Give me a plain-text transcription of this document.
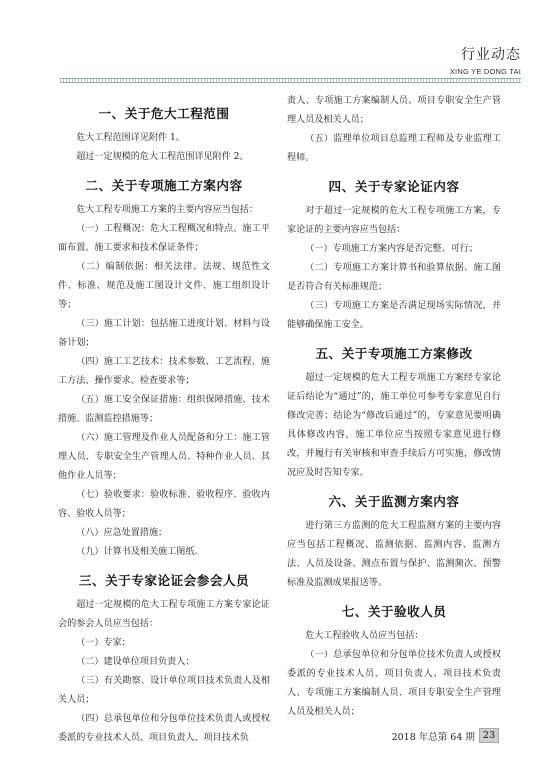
行业动态
XING YE DONG TAI
一、关于危大工程范围

危大工程范围详见附件 1。

超过一定规模的危大工程范围详见附件 2。

二、关于专项施工方案内容

危大工程专项施工方案的主要内容应当包括：

（一）工程概况：危大工程概况和特点、施工平面布置、施工要求和技术保证条件；

（二）编制依据：相关法律、法规、规范性文件、标准、规范及施工图设计文件、施工组织设计等；

（三）施工计划：包括施工进度计划、材料与设备计划；

（四）施工工艺技术：技术参数、工艺流程、施工方法、操作要求、检查要求等；

（五）施工安全保证措施：组织保障措施、技术措施、监测监控措施等；

（六）施工管理及作业人员配备和分工：施工管理人员、专职安全生产管理人员、特种作业人员、其他作业人员等；

（七）验收要求：验收标准、验收程序、验收内容、验收人员等；

（八）应急处置措施；

（九）计算书及相关施工图纸。

三、关于专家论证会参会人员

超过一定规模的危大工程专项施工方案专家论证会的参会人员应当包括：

（一）专家；

（二）建设单位项目负责人；

（三）有关勘察、设计单位项目技术负责人及相关人员；

（四）总承包单位和分包单位技术负责人或授权委派的专业技术人员、项目负责人、项目技术负

责人、专项施工方案编制人员、项目专职安全生产管理人员及相关人员；

（五）监理单位项目总监理工程师及专业监理工程师。

四、关于专家论证内容

对于超过一定规模的危大工程专项施工方案，专家论证的主要内容应当包括：

（一）专项施工方案内容是否完整、可行；

（二）专项施工方案计算书和验算依据、施工图是否符合有关标准规范；

（三）专项施工方案是否满足现场实际情况，并能够确保施工安全。

五、关于专项施工方案修改

超过一定规模的危大工程专项施工方案经专家论证后结论为“通过”的，施工单位可参考专家意见自行修改完善；结论为“修改后通过”的，专家意见要明确具体修改内容，施工单位应当按照专家意见进行修改，并履行有关审核和审查手续后方可实施，修改情况应及时告知专家。

六、关于监测方案内容

进行第三方监测的危大工程监测方案的主要内容应当包括工程概况、监测依据、监测内容、监测方法、人员及设备、测点布置与保护、监测频次、预警标准及监测成果报送等。

七、关于验收人员

危大工程验收人员应当包括：

（一）总承包单位和分包单位技术负责人或授权委派的专业技术人员、项目负责人、项目技术负责人、专项施工方案编制人员、项目专职安全生产管理人员及相关人员；

2018 年总第 64 期 23
